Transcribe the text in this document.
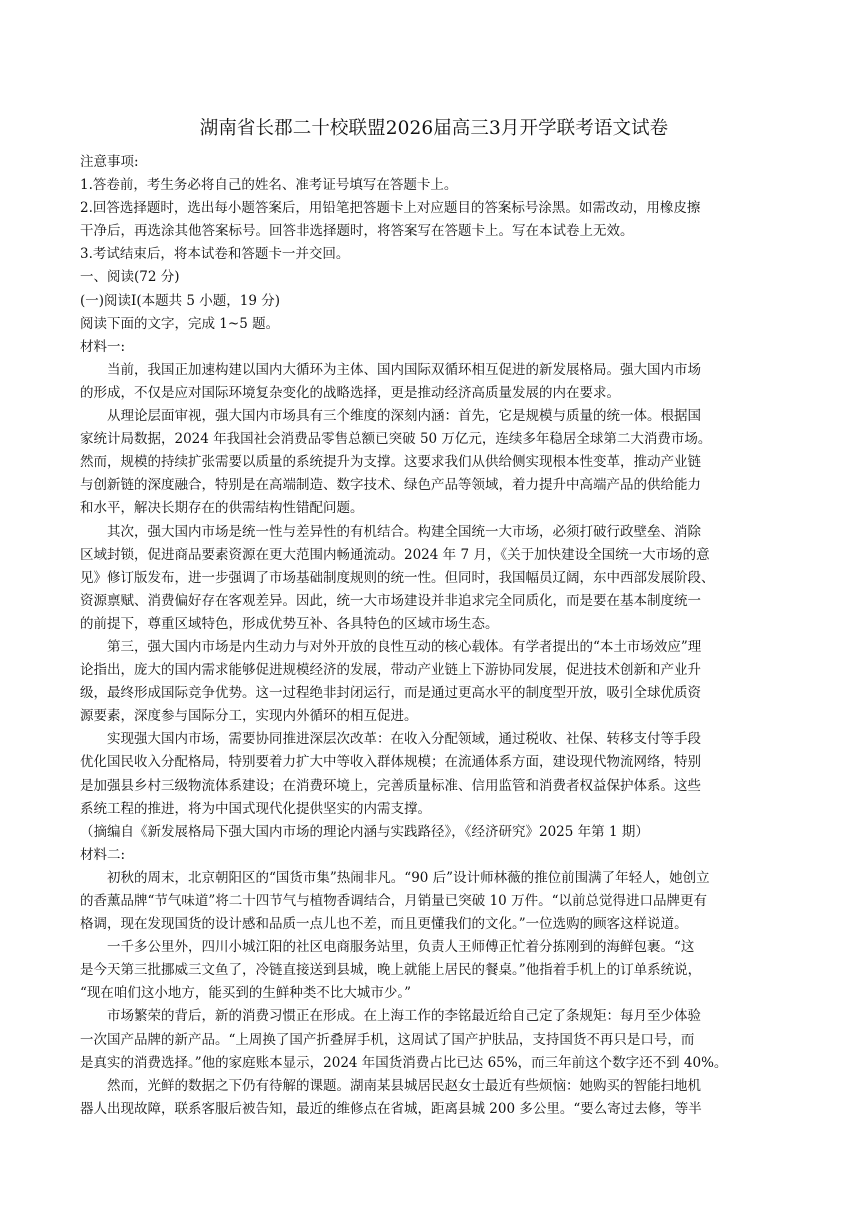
湖南省长郡二十校联盟2026届高三3月开学联考语文试卷
注意事项:
1.答卷前，考生务必将自己的姓名、准考证号填写在答题卡上。
2.回答选择题时，选出每小题答案后，用铅笔把答题卡上对应题目的答案标号涂黑。如需改动，用橡皮擦
干净后，再选涂其他答案标号。回答非选择题时，将答案写在答题卡上。写在本试卷上无效。
3.考试结束后，将本试卷和答题卡一并交回。
一、阅读(72 分)
(一)阅读Ⅰ(本题共 5 小题，19 分)
阅读下面的文字，完成 1~5 题。
材料一:
当前，我国正加速构建以国内大循环为主体、国内国际双循环相互促进的新发展格局。强大国内市场
的形成，不仅是应对国际环境复杂变化的战略选择，更是推动经济高质量发展的内在要求。
从理论层面审视，强大国内市场具有三个维度的深刻内涵：首先，它是规模与质量的统一体。根据国
家统计局数据，2024 年我国社会消费品零售总额已突破 50 万亿元，连续多年稳居全球第二大消费市场。
然而，规模的持续扩张需要以质量的系统提升为支撑。这要求我们从供给侧实现根本性变革，推动产业链
与创新链的深度融合，特别是在高端制造、数字技术、绿色产品等领域，着力提升中高端产品的供给能力
和水平，解决长期存在的供需结构性错配问题。
其次，强大国内市场是统一性与差异性的有机结合。构建全国统一大市场，必须打破行政壁垒、消除
区域封锁，促进商品要素资源在更大范围内畅通流动。2024 年 7 月，《关于加快建设全国统一大市场的意
见》修订版发布，进一步强调了市场基础制度规则的统一性。但同时，我国幅员辽阔，东中西部发展阶段、
资源禀赋、消费偏好存在客观差异。因此，统一大市场建设并非追求完全同质化，而是要在基本制度统一
的前提下，尊重区域特色，形成优势互补、各具特色的区域市场生态。
第三，强大国内市场是内生动力与对外开放的良性互动的核心载体。有学者提出的“本土市场效应”理
论指出，庞大的国内需求能够促进规模经济的发展，带动产业链上下游协同发展，促进技术创新和产业升
级，最终形成国际竞争优势。这一过程绝非封闭运行，而是通过更高水平的制度型开放，吸引全球优质资
源要素，深度参与国际分工，实现内外循环的相互促进。
实现强大国内市场，需要协同推进深层次改革：在收入分配领域，通过税收、社保、转移支付等手段
优化国民收入分配格局，特别要着力扩大中等收入群体规模；在流通体系方面，建设现代物流网络，特别
是加强县乡村三级物流体系建设；在消费环境上，完善质量标准、信用监管和消费者权益保护体系。这些
系统工程的推进，将为中国式现代化提供坚实的内需支撑。
（摘编自《新发展格局下强大国内市场的理论内涵与实践路径》，《经济研究》2025 年第 1 期）
材料二:
初秋的周末，北京朝阳区的“国货市集”热闹非凡。“90 后”设计师林薇的推位前围满了年轻人，她创立
的香薰品牌“节气味道”将二十四节气与植物香调结合，月销量已突破 10 万件。“以前总觉得进口品牌更有
格调，现在发现国货的设计感和品质一点儿也不差，而且更懂我们的文化。”一位选购的顾客这样说道。
一千多公里外，四川小城江阳的社区电商服务站里，负责人王师傅正忙着分拣刚到的海鲜包裹。“这
是今天第三批挪威三文鱼了，冷链直接送到县城，晚上就能上居民的餐桌。”他指着手机上的订单系统说，
“现在咱们这小地方，能买到的生鲜种类不比大城市少。”
市场繁荣的背后，新的消费习惯正在形成。在上海工作的李铭最近给自己定了条规矩：每月至少体验
一次国产品牌的新产品。“上周换了国产折叠屏手机，这周试了国产护肤品，支持国货不再只是口号，而
是真实的消费选择。”他的家庭账本显示，2024 年国货消费占比已达 65%，而三年前这个数字还不到 40%。
然而，光鲜的数据之下仍有待解的课题。湖南某县城居民赵女士最近有些烦恼：她购买的智能扫地机
器人出现故障，联系客服后被告知，最近的维修点在省城，距离县城 200 多公里。“要么寄过去修，等半
